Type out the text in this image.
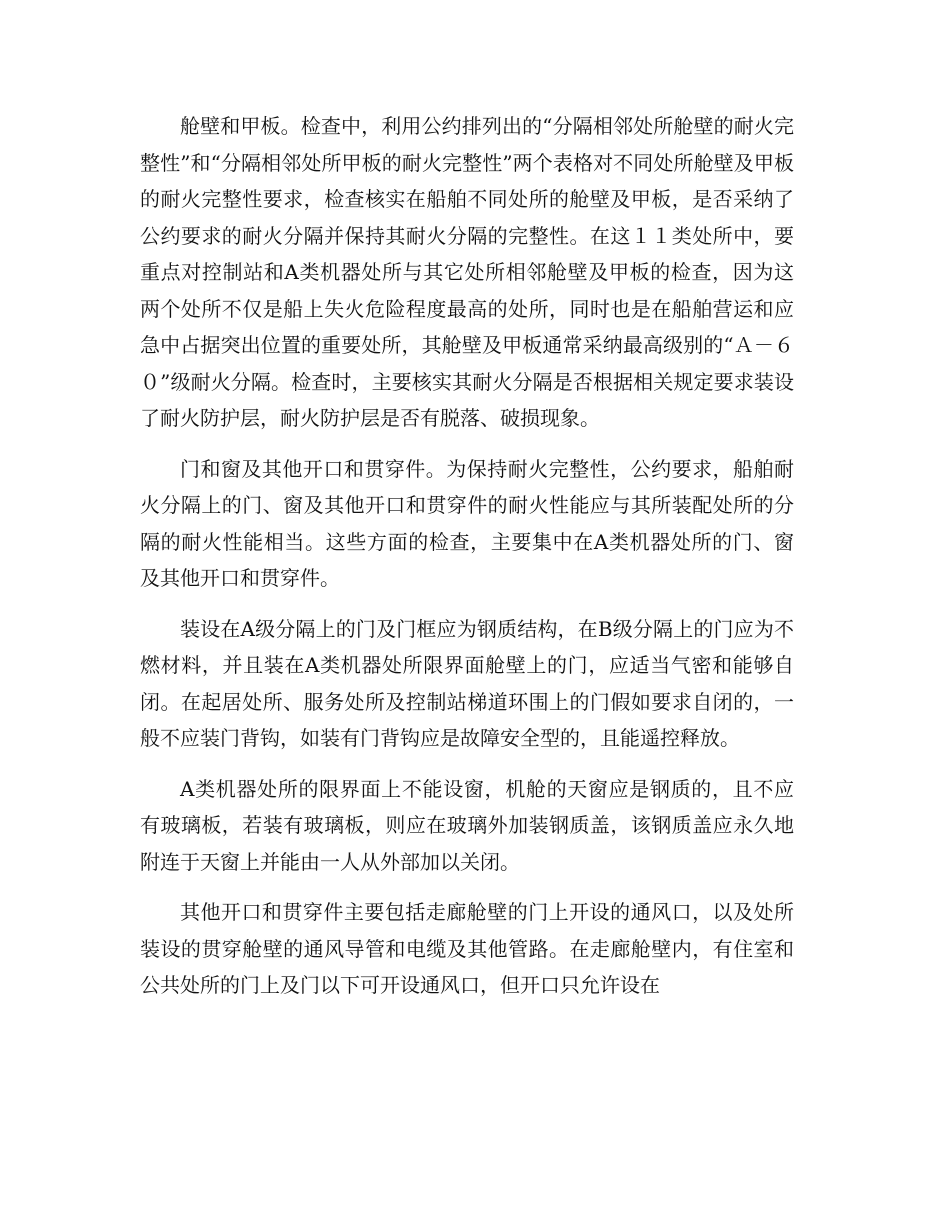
舱壁和甲板。检查中，利用公约排列出的“分隔相邻处所舱壁的耐火完整性”和“分隔相邻处所甲板的耐火完整性”两个表格对不同处所舱壁及甲板的耐火完整性要求，检查核实在船舶不同处所的舱壁及甲板，是否采纳了公约要求的耐火分隔并保持其耐火分隔的完整性。在这１１类处所中，要重点对控制站和A类机器处所与其它处所相邻舱壁及甲板的检查，因为这两个处所不仅是船上失火危险程度最高的处所，同时也是在船舶营运和应急中占据突出位置的重要处所，其舱壁及甲板通常采纳最高级别的“Ａ－６０”级耐火分隔。检查时，主要核实其耐火分隔是否根据相关规定要求装设了耐火防护层，耐火防护层是否有脱落、破损现象。

门和窗及其他开口和贯穿件。为保持耐火完整性，公约要求，船舶耐火分隔上的门、窗及其他开口和贯穿件的耐火性能应与其所装配处所的分隔的耐火性能相当。这些方面的检查，主要集中在A类机器处所的门、窗及其他开口和贯穿件。

装设在A级分隔上的门及门框应为钢质结构，在B级分隔上的门应为不燃材料，并且装在A类机器处所限界面舱壁上的门，应适当气密和能够自闭。在起居处所、服务处所及控制站梯道环围上的门假如要求自闭的，一般不应装门背钩，如装有门背钩应是故障安全型的，且能遥控释放。

A类机器处所的限界面上不能设窗，机舱的天窗应是钢质的，且不应有玻璃板，若装有玻璃板，则应在玻璃外加装钢质盖，该钢质盖应永久地附连于天窗上并能由一人从外部加以关闭。

其他开口和贯穿件主要包括走廊舱壁的门上开设的通风口，以及处所装设的贯穿舱壁的通风导管和电缆及其他管路。在走廊舱壁内，有住室和公共处所的门上及门以下可开设通风口，但开口只允许设在
